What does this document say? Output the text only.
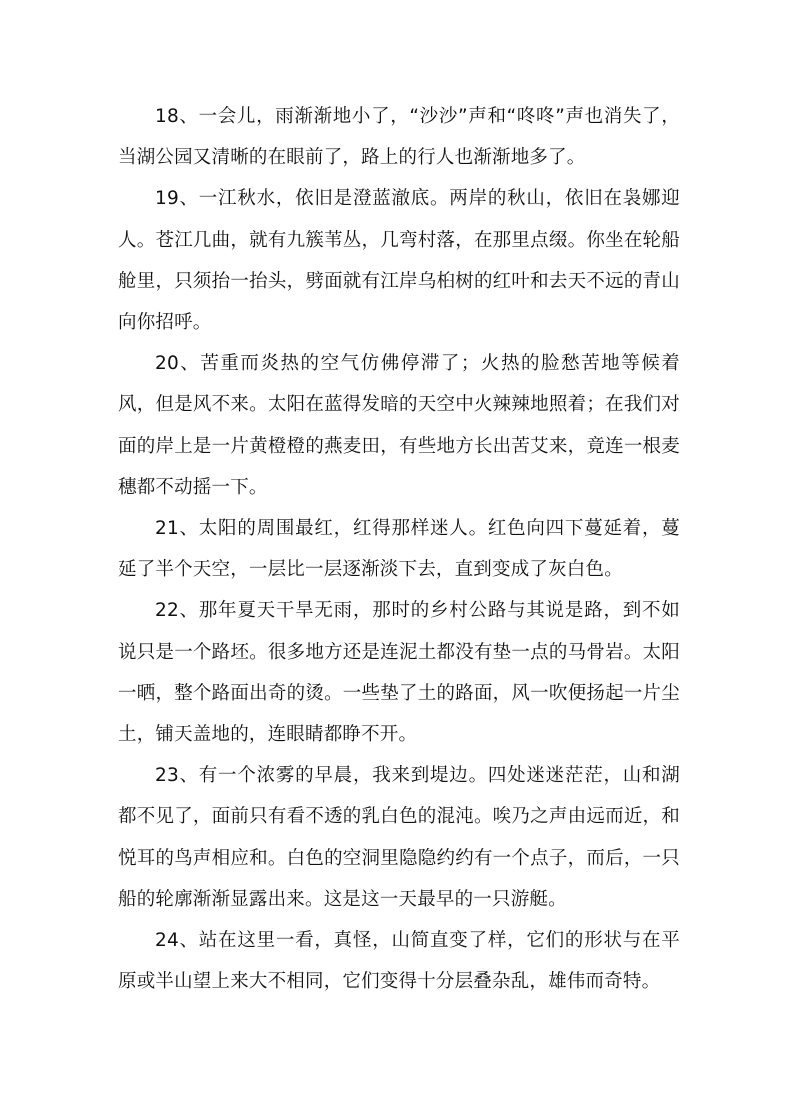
18、一会儿，雨渐渐地小了，“沙沙”声和“咚咚”声也消失了，当湖公园又清晰的在眼前了，路上的行人也渐渐地多了。

19、一江秋水，依旧是澄蓝澈底。两岸的秋山，依旧在袅娜迎人。苍江几曲，就有九簇苇丛，几弯村落，在那里点缀。你坐在轮船舱里，只须抬一抬头，劈面就有江岸乌桕树的红叶和去天不远的青山向你招呼。

20、苦重而炎热的空气仿佛停滞了；火热的脸愁苦地等候着风，但是风不来。太阳在蓝得发暗的天空中火辣辣地照着；在我们对面的岸上是一片黄橙橙的燕麦田，有些地方长出苦艾来，竟连一根麦穗都不动摇一下。

21、太阳的周围最红，红得那样迷人。红色向四下蔓延着，蔓延了半个天空，一层比一层逐渐淡下去，直到变成了灰白色。

22、那年夏天干旱无雨，那时的乡村公路与其说是路，到不如说只是一个路坯。很多地方还是连泥土都没有垫一点的马骨岩。太阳一晒，整个路面出奇的烫。一些垫了土的路面，风一吹便扬起一片尘土，铺天盖地的，连眼睛都睁不开。

23、有一个浓雾的早晨，我来到堤边。四处迷迷茫茫，山和湖都不见了，面前只有看不透的乳白色的混沌。唉乃之声由远而近，和悦耳的鸟声相应和。白色的空洞里隐隐约约有一个点子，而后，一只船的轮廓渐渐显露出来。这是这一天最早的一只游艇。

24、站在这里一看，真怪，山简直变了样，它们的形状与在平原或半山望上来大不相同，它们变得十分层叠杂乱，雄伟而奇特。
